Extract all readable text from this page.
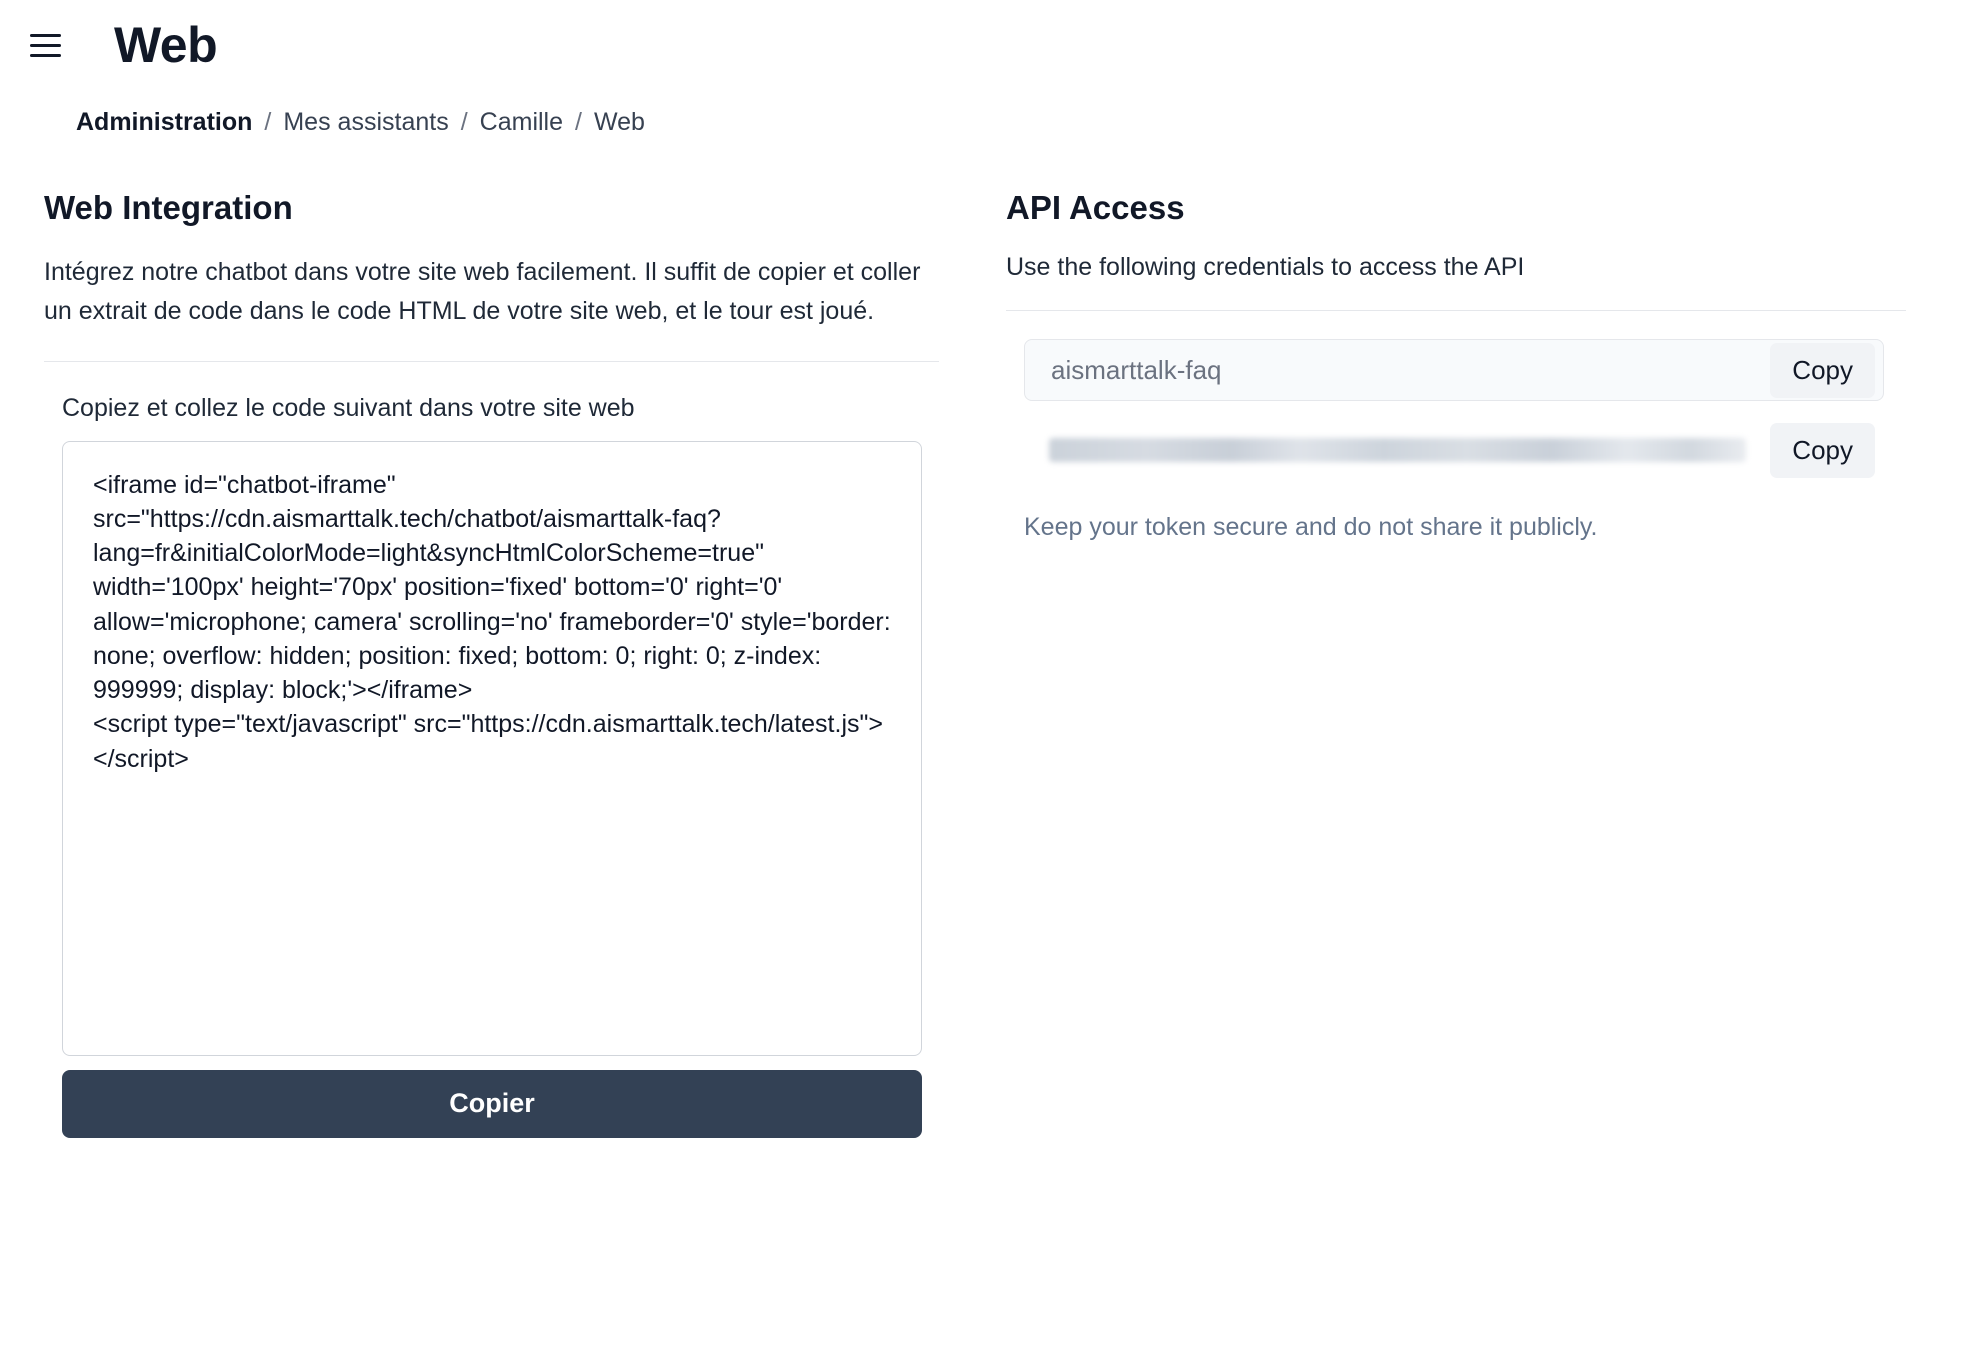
Web
Administration / Mes assistants / Camille / Web
Web Integration

Intégrez notre chatbot dans votre site web facilement. Il suffit de copier et coller un extrait de code dans le code HTML de votre site web, et le tour est joué.

Copiez et collez le code suivant dans votre site web
<iframe id="chatbot-iframe" src="https://cdn.aismarttalk.tech/chatbot/aismarttalk-faq?lang=fr&initialColorMode=light&syncHtmlColorScheme=true" width='100px' height='70px' position='fixed' bottom='0' right='0' allow='microphone; camera' scrolling='no' frameborder='0' style='border: none; overflow: hidden; position: fixed; bottom: 0; right: 0; z-index: 999999; display: block;'></iframe> <script type="text/javascript" src="https://cdn.aismarttalk.tech/latest.js"></script> Copier
API Access

Use the following credentials to access the API

aismarttalk-faq	Copy
Copy
Keep your token secure and do not share it publicly.
